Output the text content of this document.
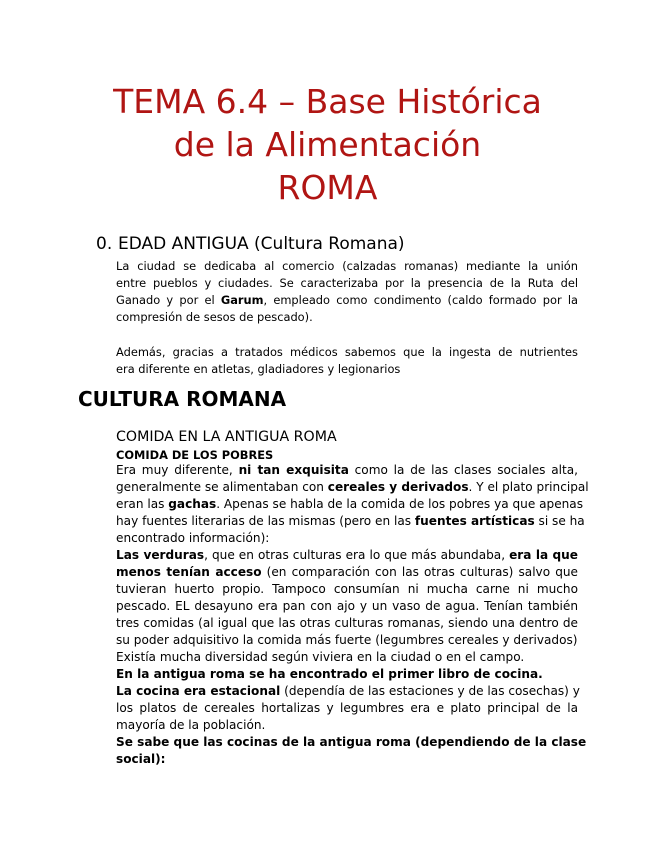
TEMA 6.4 – Base Histórica
de la Alimentación
ROMA
0. EDAD ANTIGUA (Cultura Romana)

La ciudad se dedicaba al comercio (calzadas romanas) mediante la unión
entre pueblos y ciudades. Se caracterizaba por la presencia de la Ruta del
Ganado y por el Garum, empleado como condimento (caldo formado por la
compresión de sesos de pescado).

Además, gracias a tratados médicos sabemos que la ingesta de nutrientes
era diferente en atletas, gladiadores y legionarios

CULTURA ROMANA
COMIDA EN LA ANTIGUA ROMA
COMIDA DE LOS POBRES
Era muy diferente, ni tan exquisita como la de las clases sociales alta,
generalmente se alimentaban con cereales y derivados. Y el plato principal
eran las gachas. Apenas se habla de la comida de los pobres ya que apenas
hay fuentes literarias de las mismas (pero en las fuentes artísticas si se ha
encontrado información):
Las verduras, que en otras culturas era lo que más abundaba, era la que
menos tenían acceso (en comparación con las otras culturas) salvo que
tuvieran huerto propio. Tampoco consumían ni mucha carne ni mucho
pescado. EL desayuno era pan con ajo y un vaso de agua. Tenían también
tres comidas (al igual que las otras culturas romanas, siendo una dentro de
su poder adquisitivo la comida más fuerte (legumbres cereales y derivados)
Existía mucha diversidad según viviera en la ciudad o en el campo.
En la antigua roma se ha encontrado el primer libro de cocina.
La cocina era estacional (dependía de las estaciones y de las cosechas) y
los platos de cereales hortalizas y legumbres era e plato principal de la
mayoría de la población.
Se sabe que las cocinas de la antigua roma (dependiendo de la clase
social):
